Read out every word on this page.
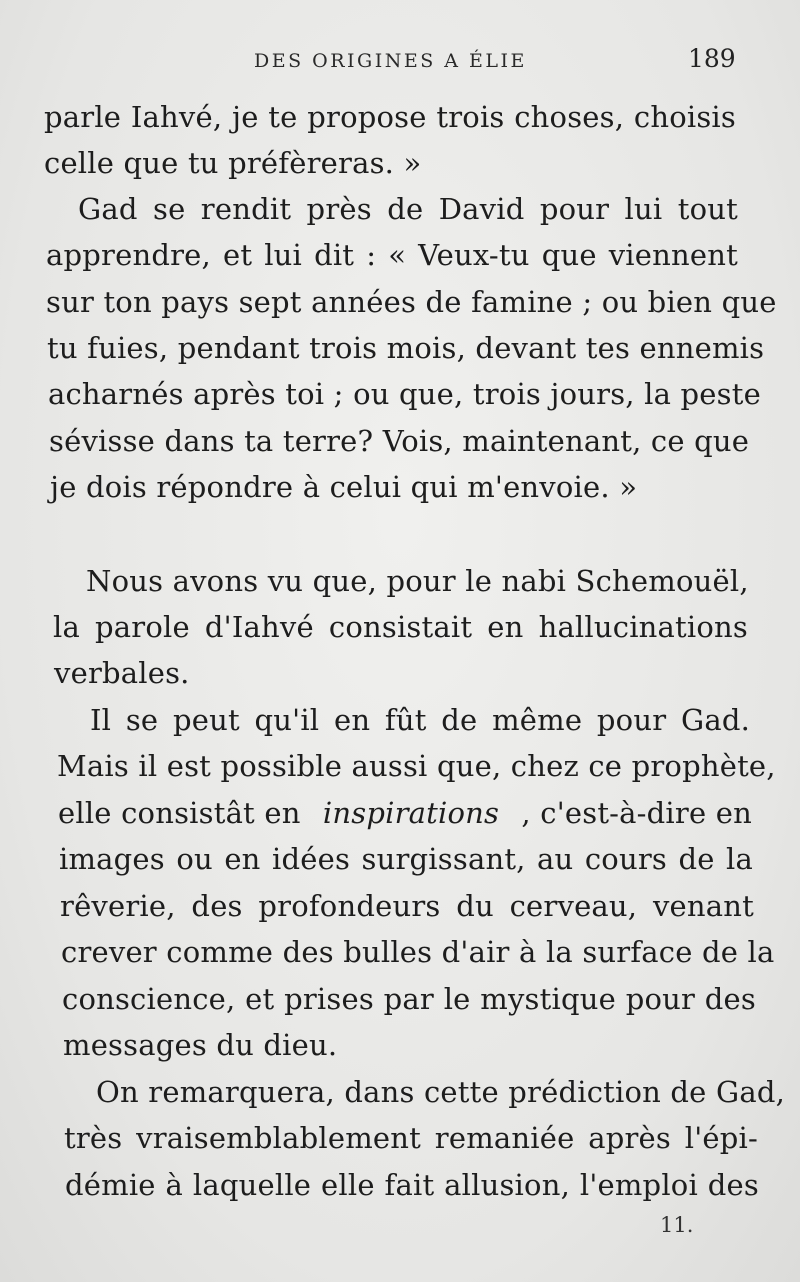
DES ORIGINES A ÉLIE	189
parle Iahvé, je te propose trois choses, choisis
celle que tu préfèreras. »
Gad se rendit près de David pour lui tout
apprendre, et lui dit : « Veux-tu que viennent
sur ton pays sept années de famine ; ou bien que
tu fuies, pendant trois mois, devant tes ennemis
acharnés après toi ; ou que, trois jours, la peste
sévisse dans ta terre? Vois, maintenant, ce que
je dois répondre à celui qui m'envoie. »
Nous avons vu que, pour le nabi Schemouël,
la parole d'Iahvé consistait en hallucinations
verbales.
Il se peut qu'il en fût de même pour Gad.
Mais il est possible aussi que, chez ce prophète,
elle consistât en inspirations , c'est-à-dire en
images ou en idées surgissant, au cours de la
rêverie, des profondeurs du cerveau, venant
crever comme des bulles d'air à la surface de la
conscience, et prises par le mystique pour des
messages du dieu.
On remarquera, dans cette prédiction de Gad,
très vraisemblablement remaniée après l'épi-
démie à laquelle elle fait allusion, l'emploi des
11.
